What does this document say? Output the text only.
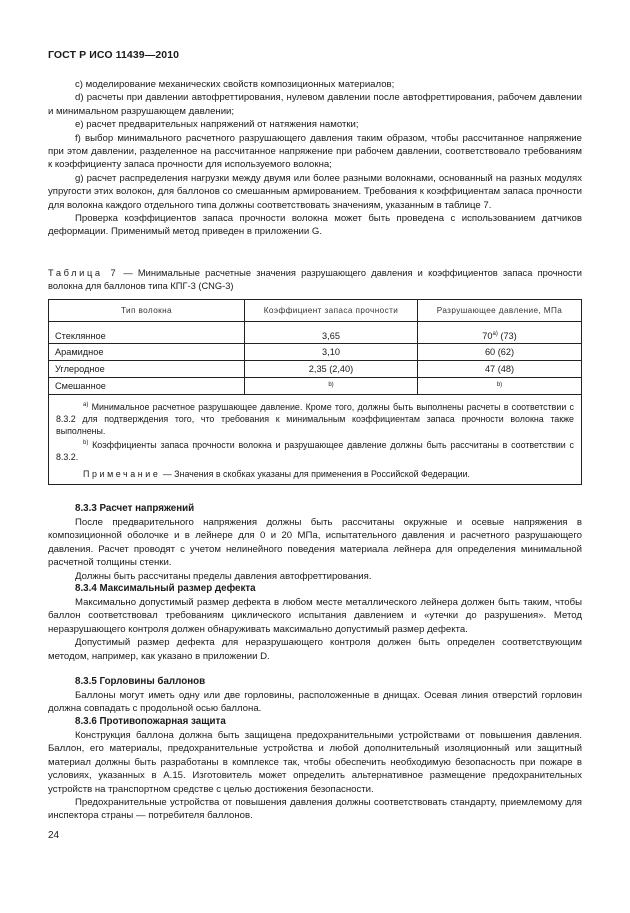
ГОСТ Р ИСО 11439—2010

c) моделирование механических свойств композиционных материалов;

d) расчеты при давлении автофреттирования, нулевом давлении после автофреттирования, рабочем давлении и минимальном разрушающем давлении;

e) расчет предварительных напряжений от натяжения намотки;

f) выбор минимального расчетного разрушающего давления таким образом, чтобы рассчитанное напряжение при этом давлении, разделенное на рассчитанное напряжение при рабочем давлении, соответствовало требованиям к коэффициенту запаса прочности для используемого волокна;

g) расчет распределения нагрузки между двумя или более разными волокнами, основанный на разных модулях упругости этих волокон, для баллонов со смешанным армированием. Требования к коэффициентам запаса прочности для волокна каждого отдельного типа должны соответствовать значениям, указанным в таблице 7.

Проверка коэффициентов запаса прочности волокна может быть проведена с использованием датчиков деформации. Применимый метод приведен в приложении G.

Таблица 7 — Минимальные расчетные значения разрушающего давления и коэффициентов запаса прочности волокна для баллонов типа КПГ-3 (CNG-3)
Тип волокна	Коэффициент запаса прочности	Разрушающее давление, МПа
Стеклянное	3,65	$70^{а)}$ (73)
Арамидное	3,10	60 (62)
Углеродное	2,35 (2,40)	47 (48)
Смешанное	b)	b)

$^{а)}$ Минимальное расчетное разрушающее давление. Кроме того, должны быть выполнены расчеты в соответствии с 8.3.2 для подтверждения того, что требования к минимальным коэффициентам запаса прочности волокна также выполнены.

$^{b)}$ Коэффициенты запаса прочности волокна и разрушающее давление должны быть рассчитаны в соответствии с 8.3.2.

Примечание — Значения в скобках указаны для применения в Российской Федерации.		

8.3.3 Расчет напряжений

После предварительного напряжения должны быть рассчитаны окружные и осевые напряжения в композиционной оболочке и в лейнере для 0 и 20 МПа, испытательного давления и расчетного разрушающего давления. Расчет проводят с учетом нелинейного поведения материала лейнера для определения минимальной расчетной толщины стенки.

Должны быть рассчитаны пределы давления автофреттирования.

8.3.4 Максимальный размер дефекта

Максимально допустимый размер дефекта в любом месте металлического лейнера должен быть таким, чтобы баллон соответствовал требованиям циклического испытания давлением и «утечки до разрушения». Метод неразрушающего контроля должен обнаруживать максимально допустимый размер дефекта.

Допустимый размер дефекта для неразрушающего контроля должен быть определен соответствующим методом, например, как указано в приложении D.

8.3.5 Горловины баллонов

Баллоны могут иметь одну или две горловины, расположенные в днищах. Осевая линия отверстий горловин должна совпадать с продольной осью баллона.

8.3.6 Противопожарная защита

Конструкция баллона должна быть защищена предохранительными устройствами от повышения давления. Баллон, его материалы, предохранительные устройства и любой дополнительный изоляционный или защитный материал должны быть разработаны в комплексе так, чтобы обеспечить необходимую безопасность при пожаре в условиях, указанных в А.15. Изготовитель может определить альтернативное размещение предохранительных устройств на транспортном средстве с целью достижения безопасности.

Предохранительные устройства от повышения давления должны соответствовать стандарту, приемлемому для инспектора страны — потребителя баллонов.

24
